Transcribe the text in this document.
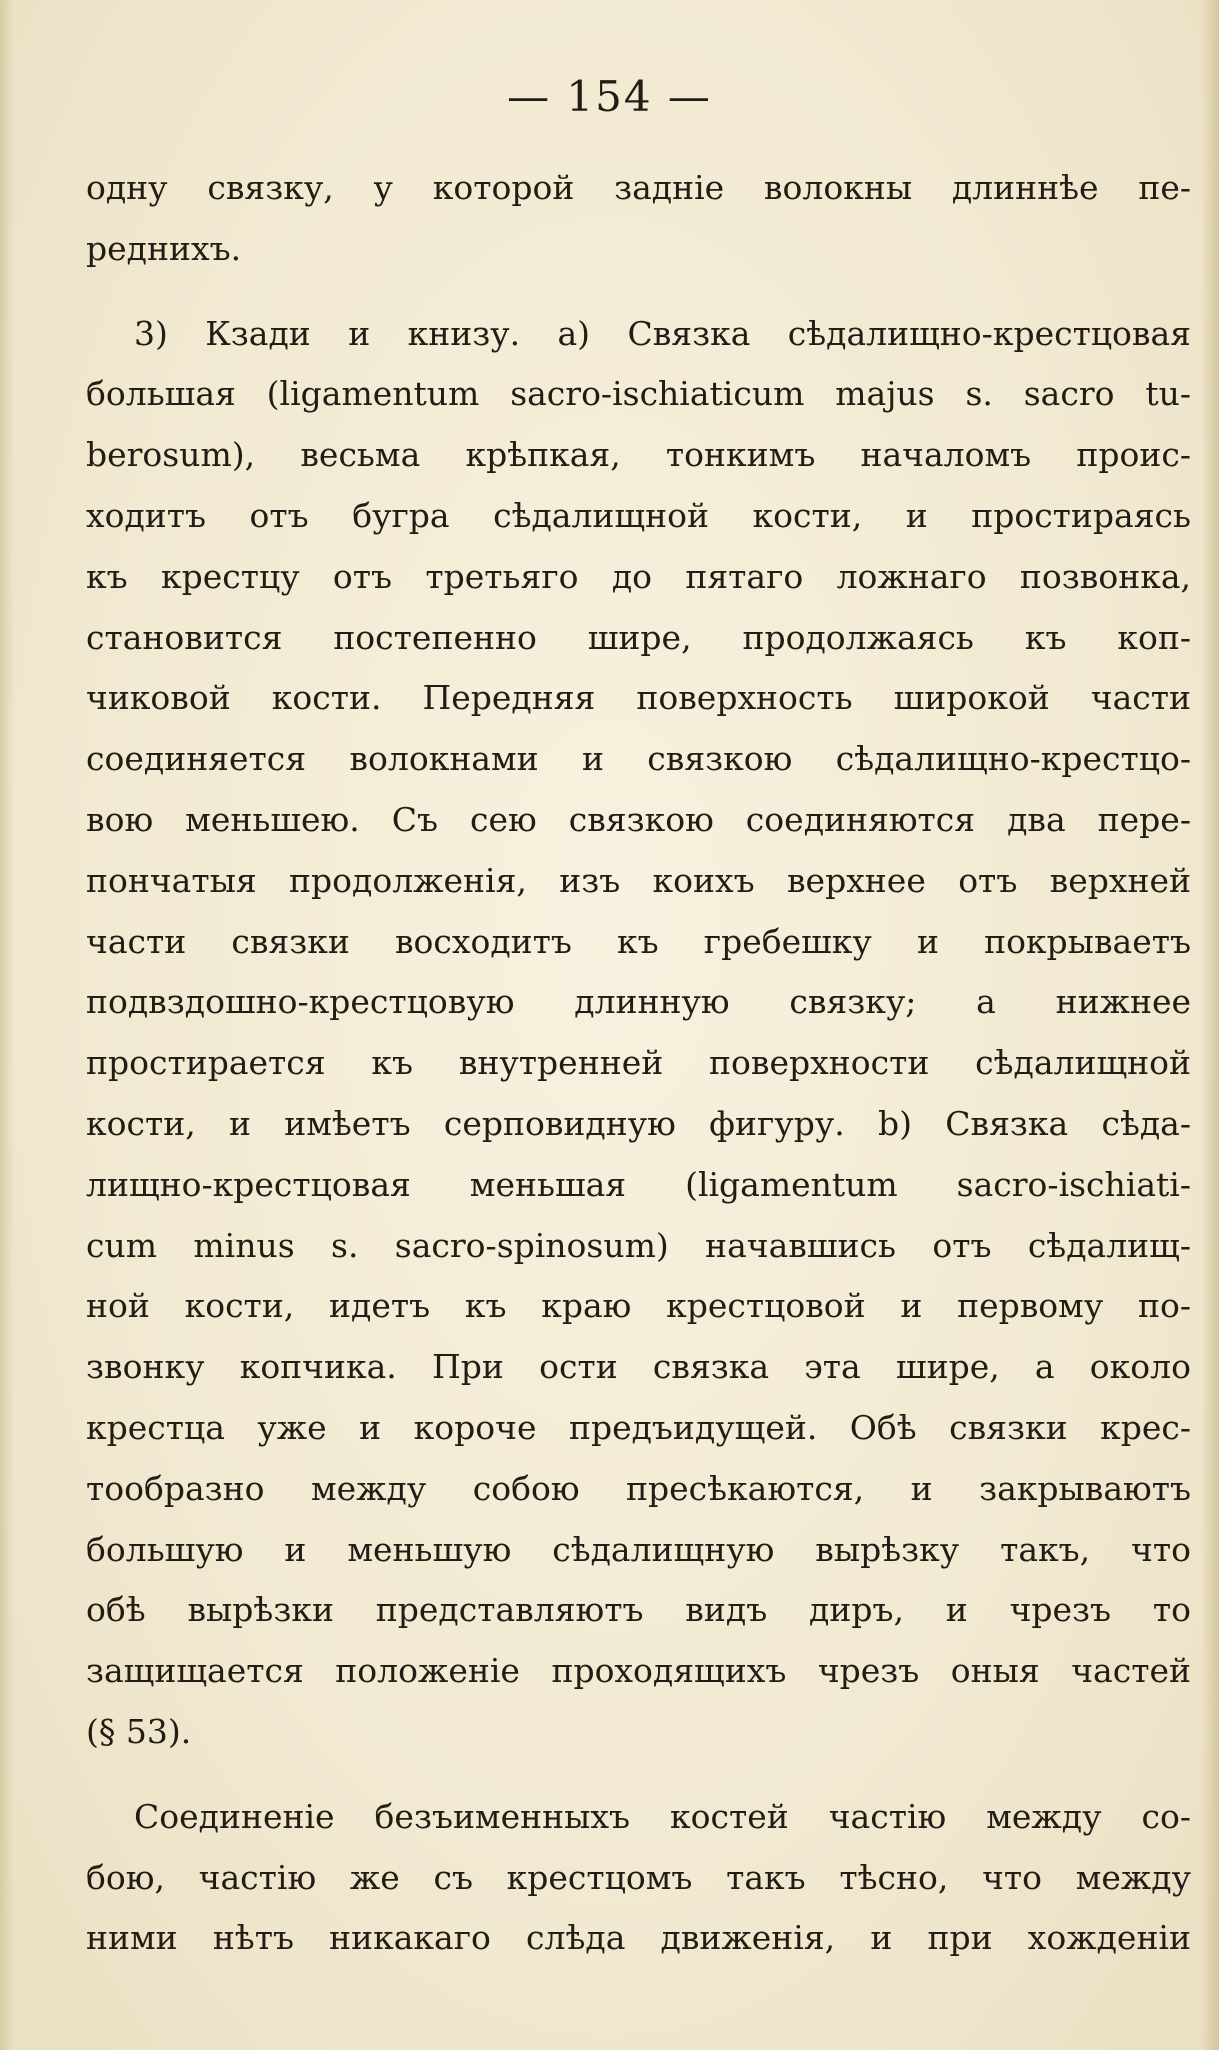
— 154 —
одну связку, у которой заднiе волокны длиннѣе пе-
реднихъ.
3) Кзади и книзу. a) Связка сѣдалищно-крестцовая
большая (ligamentum sacro-ischiaticum majus s. sacro tu-
berosum), весьма крѣпкая, тонкимъ началомъ проис-
ходитъ отъ бугра сѣдалищной кости, и простираясь
къ крестцу отъ третьяго до пятаго ложнаго позвонка,
становится постепенно шире, продолжаясь къ коп-
чиковой кости. Передняя поверхность широкой части
соединяется волокнами и связкою сѣдалищно-крестцо-
вою меньшею. Съ сею связкою соединяются два пере-
пончатыя продолженiя, изъ коихъ верхнее отъ верхней
части связки восходитъ къ гребешку и покрываетъ
подвздошно-крестцовую длинную связку; а нижнее
простирается къ внутренней поверхности сѣдалищной
кости, и имѣетъ серповидную фигуру. b) Связка сѣда-
лищно-крестцовая меньшая (ligamentum sacro-ischiati-
cum minus s. sacro-spinosum) начавшись отъ сѣдалищ-
ной кости, идетъ къ краю крестцовой и первому по-
звонку копчика. При ости связка эта шире, а около
крестца уже и короче предъидущей. Обѣ связки крес-
тообразно между собою пресѣкаются, и закрываютъ
большую и меньшую сѣдалищную вырѣзку такъ, что
обѣ вырѣзки представляютъ видъ диръ, и чрезъ то
защищается положенiе проходящихъ чрезъ оныя частей
(§ 53).
Соединенiе безъименныхъ костей частiю между со-
бою, частiю же съ крестцомъ такъ тѣсно, что между
ними нѣтъ никакаго слѣда движенiя, и при хожденiи
